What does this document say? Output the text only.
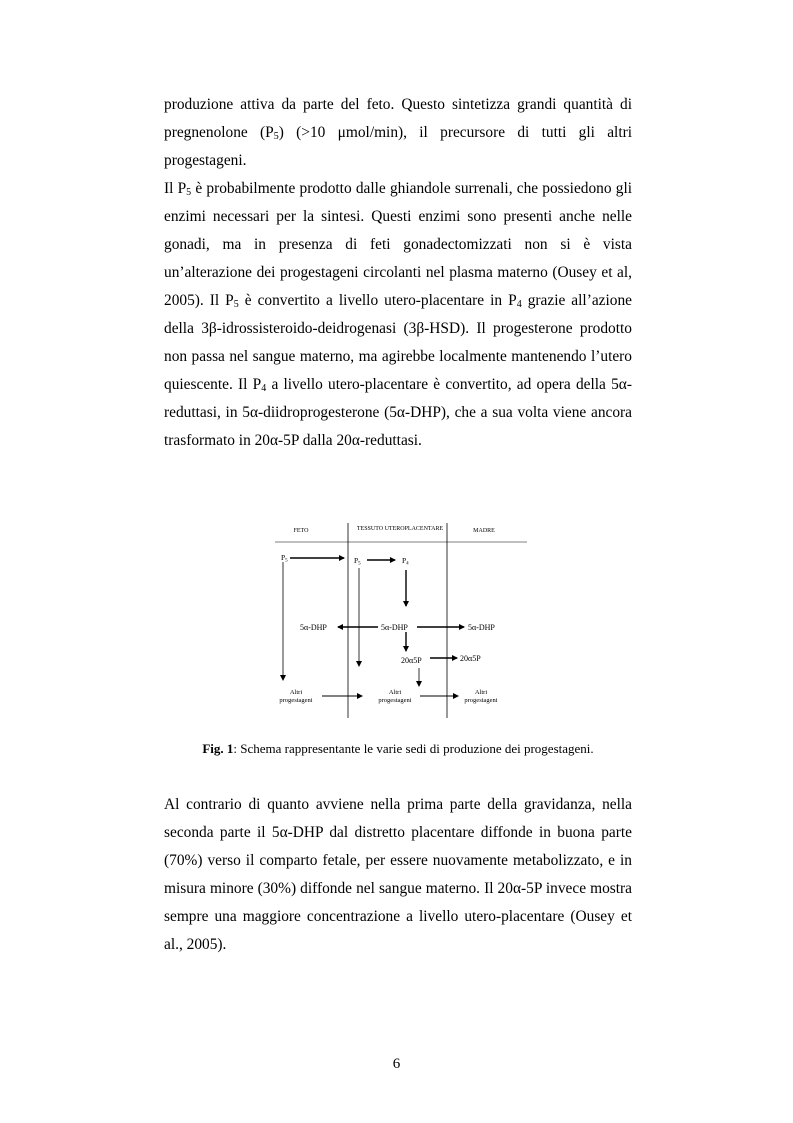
produzione attiva da parte del feto. Questo sintetizza grandi quantità di pregnenolone $(P_5)$ (>10 μmol/min), il precursore di tutti gli altri progestageni.

Il $P_5$ è probabilmente prodotto dalle ghiandole surrenali, che possiedono gli enzimi necessari per la sintesi. Questi enzimi sono presenti anche nelle gonadi, ma in presenza di feti gonadectomizzati non si è vista un’alterazione dei progestageni circolanti nel plasma materno (Ousey et al, 2005). Il $P_5$ è convertito a livello utero-placentare in $P_4$ grazie all’azione della 3β-idrossisteroido-deidrogenasi (3β-HSD). Il progesterone prodotto non passa nel sangue materno, ma agirebbe localmente mantenendo l’utero quiescente. Il $P_4$ a livello utero-placentare è convertito, ad opera della 5α-reduttasi, in 5α-diidroprogesterone (5α-DHP), che a sua volta viene ancora trasformato in 20α-5P dalla 20α-reduttasi.

FETO	TESSUTO UTEROPLACENTARE	MADRE
$P_5$	$P_5$	$P_4$
5α-DHP	5α-DHP	5α-DHP
20α5P	20α5P
Altri progestageni
Altri progestageni
Altri progestageni
Fig. 1: Schema rappresentante le varie sedi di produzione dei progestageni.

Al contrario di quanto avviene nella prima parte della gravidanza, nella seconda parte il 5α-DHP dal distretto placentare diffonde in buona parte (70%) verso il comparto fetale, per essere nuovamente metabolizzato, e in misura minore (30%) diffonde nel sangue materno. Il 20α-5P invece mostra sempre una maggiore concentrazione a livello utero-placentare (Ousey et al., 2005).

6
